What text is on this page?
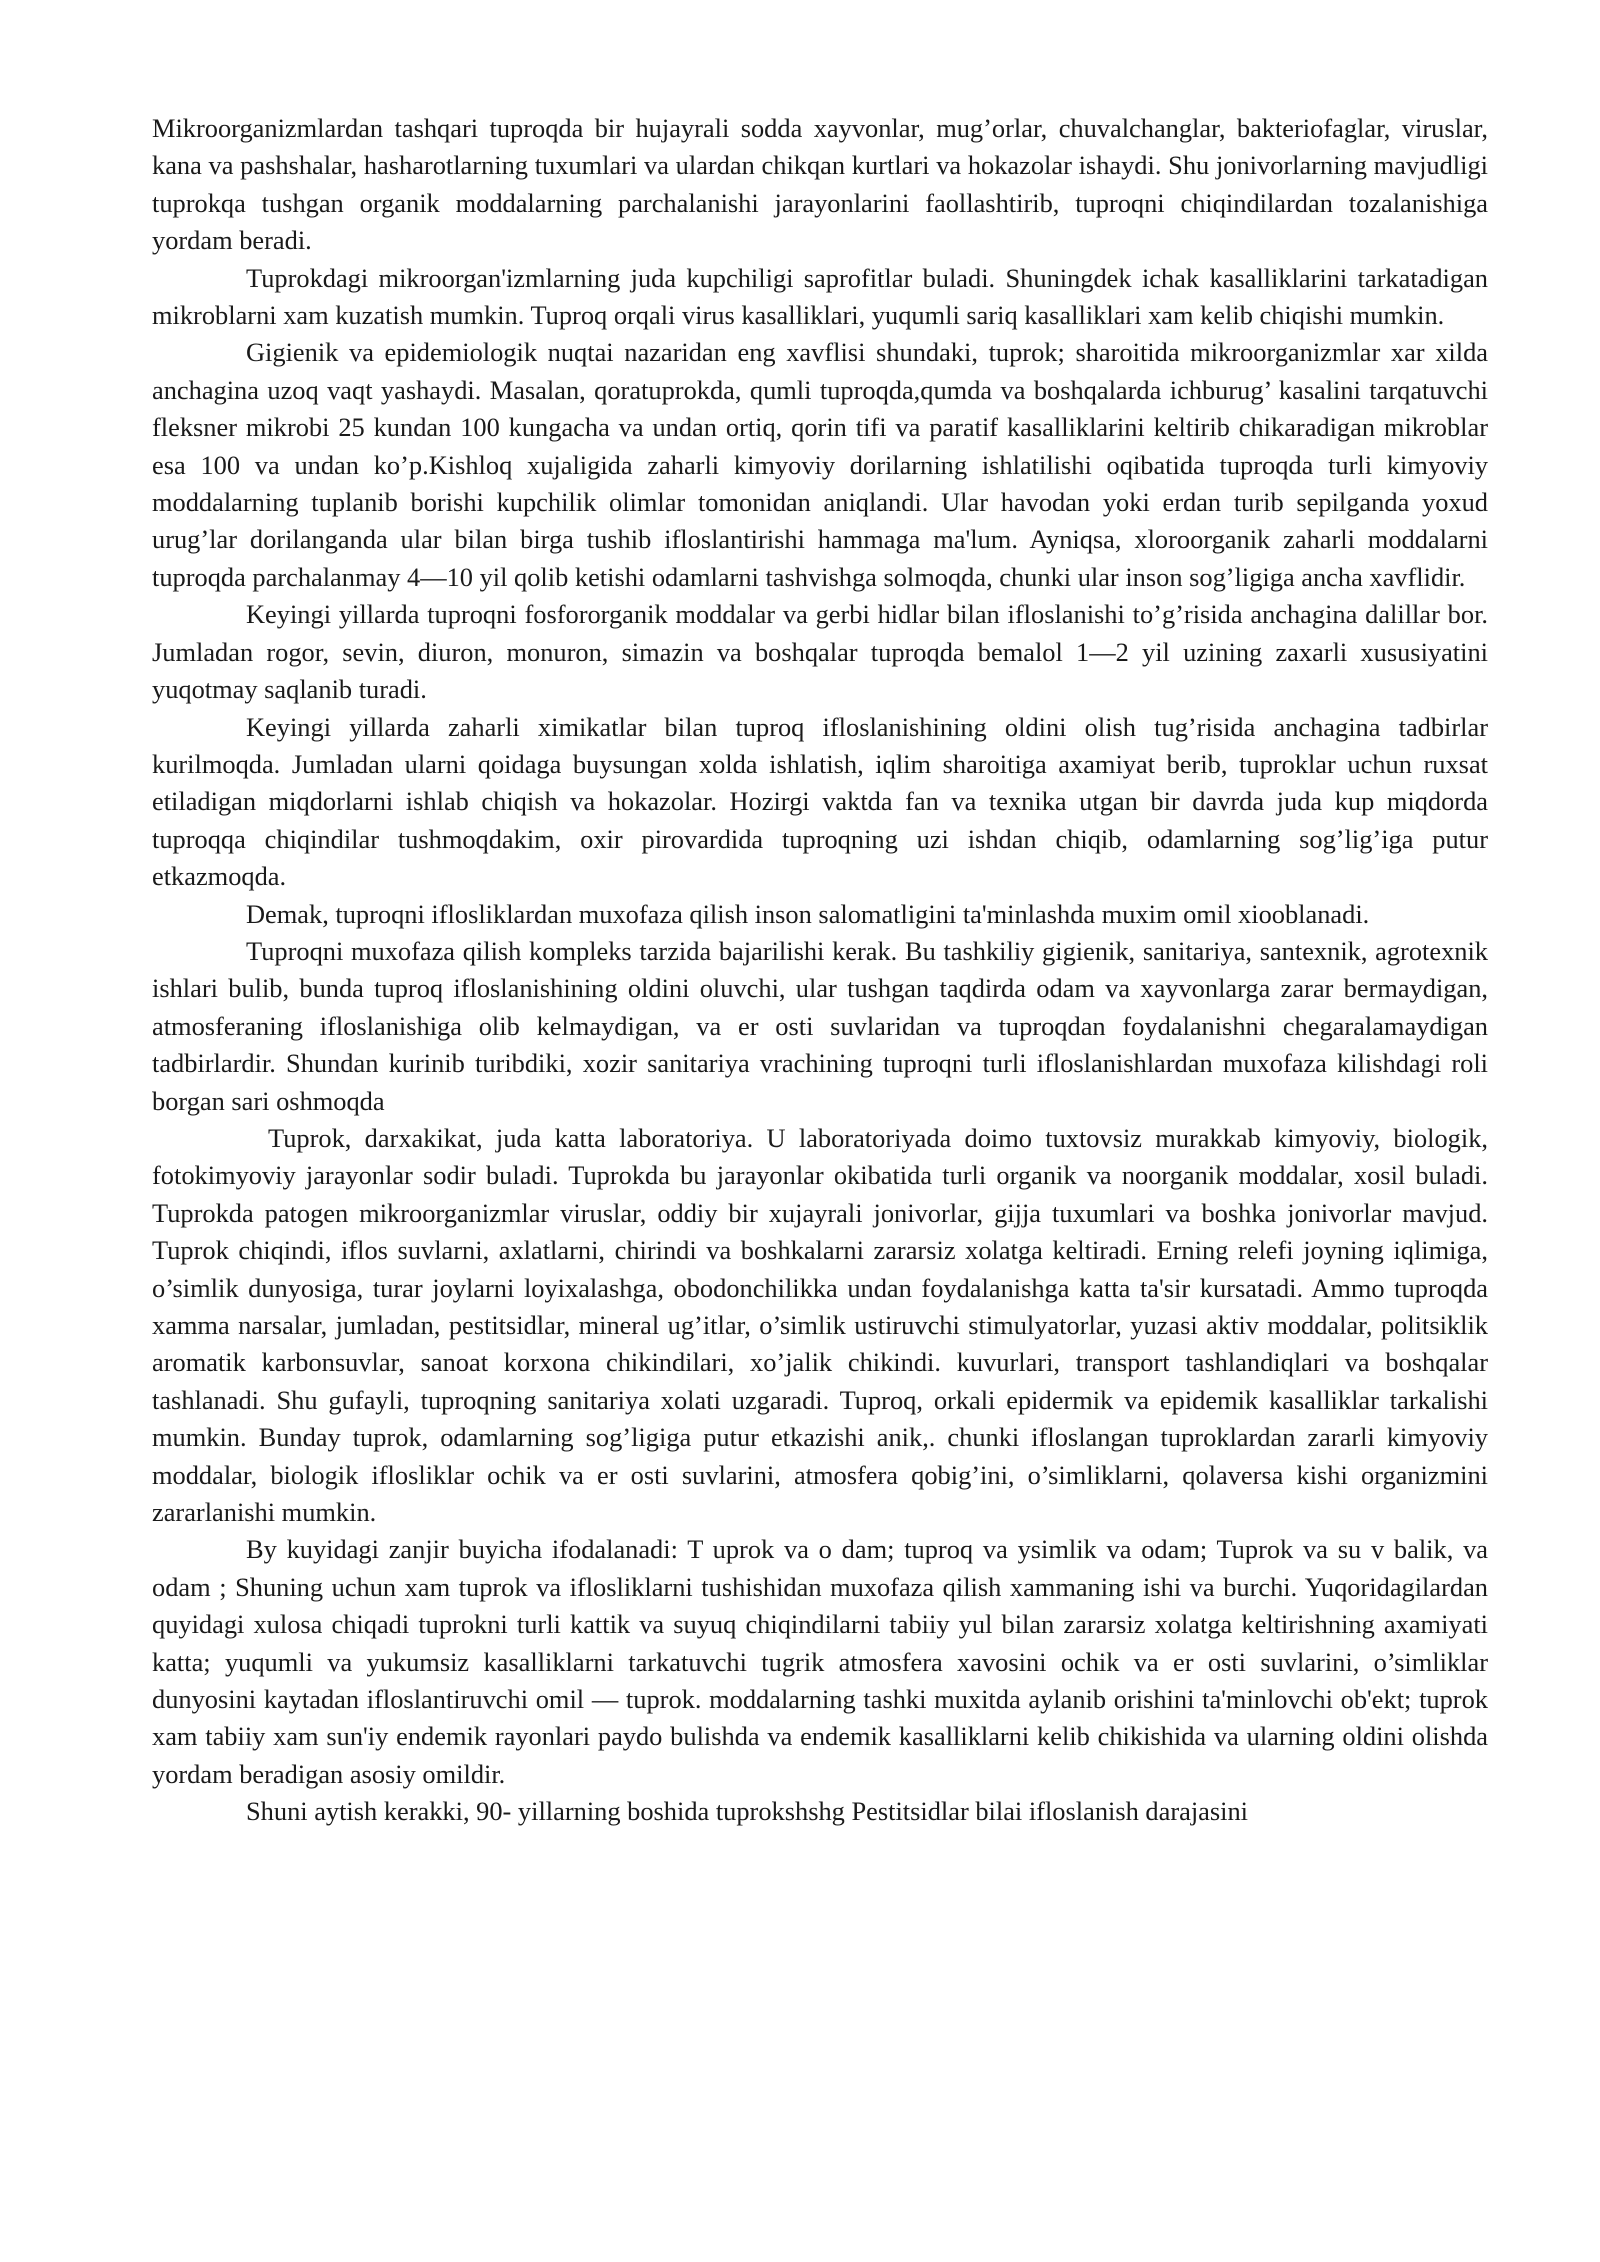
Mikroorganizmlardan tashqari tuproqda bir hujayrali sodda xayvonlar, mug’orlar, chuvalchanglar, bakteriofaglar, viruslar, kana va pashshalar, hasharotlarning tuxumlari va ulardan chikqan kurtlari va hokazolar ishaydi. Shu jonivorlarning mavjudligi tuprokqa tushgan organik moddalarning parchalanishi jarayonlarini faollashtirib, tuproqni chiqindilardan tozalanishiga yordam beradi.

Tuprokdagi mikroorgan'izmlarning juda kupchiligi saprofitlar buladi. Shuningdek ichak kasalliklarini tarkatadigan mikroblarni xam kuzatish mumkin. Tuproq orqali virus kasalliklari, yuqumli sariq kasalliklari xam kelib chiqishi mumkin.

Gigienik va epidemiologik nuqtai nazaridan eng xavflisi shundaki, tuprok; sharoitida mikroorganizmlar xar xilda anchagina uzoq vaqt yashaydi. Masalan, qoratuprokda, qumli tuproqda,qumda va boshqalarda ichburug’ kasalini tarqatuvchi fleksner mikrobi 25 kundan 100 kungacha va undan ortiq, qorin tifi va paratif kasalliklarini keltirib chikaradigan mikroblar esa 100 va undan ko’p.Kishloq xujaligida zaharli kimyoviy dorilarning ishlatilishi oqibatida tuproqda turli kimyoviy moddalarning tuplanib borishi kupchilik olimlar tomonidan aniqlandi. Ular havodan yoki erdan turib sepilganda yoxud urug’lar dorilanganda ular bilan birga tushib ifloslantirishi hammaga ma'lum. Ayniqsa, xloroorganik zaharli moddalarni tuproqda parchalanmay 4—10 yil qolib ketishi odamlarni tashvishga solmoqda, chunki ular inson sog’ligiga ancha xavflidir.

Keyingi yillarda tuproqni fosfororganik moddalar va gerbi hidlar bilan ifloslanishi to’g’risida anchagina dalillar bor. Jumladan rogor, sevin, diuron, monuron, simazin va boshqalar tuproqda bemalol 1—2 yil uzining zaxarli xususiyatini yuqotmay saqlanib turadi.

Keyingi yillarda zaharli ximikatlar bilan tuproq ifloslanishining oldini olish tug’risida anchagina tadbirlar kurilmoqda. Jumladan ularni qoidaga buysungan xolda ishlatish, iqlim sharoitiga axamiyat berib, tuproklar uchun ruxsat etiladigan miqdorlarni ishlab chiqish va hokazolar. Hozirgi vaktda fan va texnika utgan bir davrda juda kup miqdorda tuproqqa chiqindilar tushmoqdakim, oxir pirovardida tuproqning uzi ishdan chiqib, odamlarning sog’lig’iga putur etkazmoqda.

Demak, tuproqni iflosliklardan muxofaza qilish inson salomatligini ta'minlashda muxim omil xiooblanadi.

Tuproqni muxofaza qilish kompleks tarzida bajarilishi kerak. Bu tashkiliy gigienik, sanitariya, santexnik, agrotexnik ishlari bulib, bunda tuproq ifloslanishining oldini oluvchi, ular tushgan taqdirda odam va xayvonlarga zarar bermaydigan, atmosferaning ifloslanishiga olib kelmaydigan, va er osti suvlaridan va tuproqdan foydalanishni chegaralamaydigan tadbirlardir. Shundan kurinib turibdiki, xozir sanitariya vrachining tuproqni turli ifloslanishlardan muxofaza kilishdagi roli borgan sari oshmoqda

Tuprok, darxakikat, juda katta laboratoriya. U laboratoriyada doimo tuxtovsiz murakkab kimyoviy, biologik, fotokimyoviy jarayonlar sodir buladi. Tuprokda bu jarayonlar okibatida turli organik va noorganik moddalar, xosil buladi. Tuprokda patogen mikroorganizmlar viruslar, oddiy bir xujayrali jonivorlar, gijja tuxumlari va boshka jonivorlar mavjud. Tuprok chiqindi, iflos suvlarni, axlatlarni, chirindi va boshkalarni zararsiz xolatga keltiradi. Erning relefi joyning iqlimiga, o’simlik dunyosiga, turar joylarni loyixalashga, obodonchilikka undan foydalanishga katta ta'sir kursatadi. Ammo tuproqda xamma narsalar, jumladan, pestitsidlar, mineral ug’itlar, o’simlik ustiruvchi stimulyatorlar, yuzasi aktiv moddalar, politsiklik aromatik karbonsuvlar, sanoat korxona chikindilari, xo’jalik chikindi. kuvurlari, transport tashlandiqlari va boshqalar tashlanadi. Shu gufayli, tuproqning sanitariya xolati uzgaradi. Tuproq, orkali epidermik va epidemik kasalliklar tarkalishi mumkin. Bunday tuprok, odamlarning sog’ligiga putur etkazishi anik,. chunki ifloslangan tuproklardan zararli kimyoviy moddalar, biologik iflosliklar ochik va er osti suvlarini, atmosfera qobig’ini, o’simliklarni, qolaversa kishi organizmini zararlanishi mumkin.

By kuyidagi zanjir buyicha ifodalanadi: T uprok va o dam; tuproq va ysimlik va odam; Tuprok va su v balik, va odam ; Shuning uchun xam tuprok va iflosliklarni tushishidan muxofaza qilish xammaning ishi va burchi. Yuqoridagilardan quyidagi xulosa chiqadi tuprokni turli kattik va suyuq chiqindilarni tabiiy yul bilan zararsiz xolatga keltirishning axamiyati katta; yuqumli va yukumsiz kasalliklarni tarkatuvchi tugrik atmosfera xavosini ochik va er osti suvlarini, o’simliklar dunyosini kaytadan ifloslantiruvchi omil — tuprok. moddalarning tashki muxitda aylanib orishini ta'minlovchi ob'ekt; tuprok xam tabiiy xam sun'iy endemik rayonlari paydo bulishda va endemik kasalliklarni kelib chikishida va ularning oldini olishda yordam beradigan asosiy omildir.

Shuni aytish kerakki, 90- yillarning boshida tuprokshshg Pestitsidlar bilai ifloslanish darajasini
